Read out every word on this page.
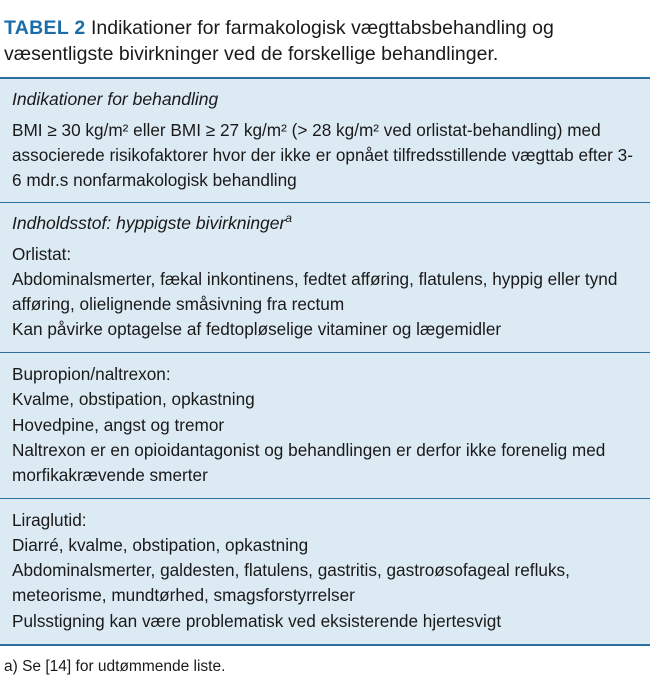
TABEL 2 Indikationer for farmakologisk vægttabsbehandling og væsentligste bivirkninger ved de forskellige behandlinger.

Indikationer for behandling

BMI ≥ 30 kg/m² eller BMI ≥ 27 kg/m² (> 28 kg/m² ved orlistat-behandling) med associerede risikofaktorer hvor der ikke er opnået tilfredsstillende vægttab efter 3-6 mdr.s nonfarmakologisk behandling

Indholdsstof: hyppigste bivirkninger$^a$

Orlistat:

Abdominalsmerter, fækal inkontinens, fedtet afføring, flatulens, hyppig eller tynd afføring, olielignende småsivning fra rectum

Kan påvirke optagelse af fedtopløselige vitaminer og lægemidler

Bupropion/naltrexon:

Kvalme, obstipation, opkastning

Hovedpine, angst og tremor

Naltrexon er en opioidantagonist og behandlingen er derfor ikke forenelig med morfikakrævende smerter

Liraglutid:

Diarré, kvalme, obstipation, opkastning

Abdominalsmerter, galdesten, flatulens, gastritis, gastroøsofageal refluks, meteorisme, mundtørhed, smagsforstyrrelser

Pulsstigning kan være problematisk ved eksisterende hjertesvigt

a) Se [14] for udtømmende liste.
